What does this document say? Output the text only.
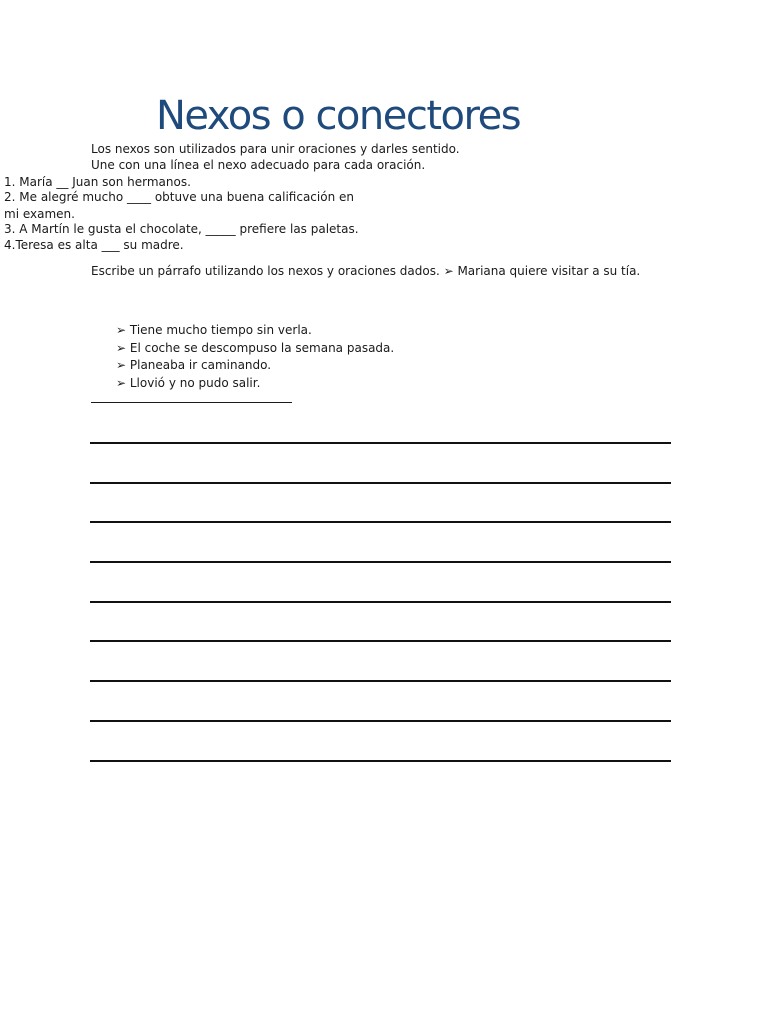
Nexos o conectores
Los nexos son utilizados para unir oraciones y darles sentido.
Une con una línea el nexo adecuado para cada oración.
1. María __ Juan son hermanos.
2. Me alegré mucho ____ obtuve una buena calificación en
mi examen.
3. A Martín le gusta el chocolate, _____ prefiere las paletas.
4.Teresa es alta ___ su madre.
Escribe un párrafo utilizando los nexos y oraciones dados. ➢ Mariana quiere visitar a su tía.
➢ Tiene mucho tiempo sin verla.
➢ El coche se descompuso la semana pasada.
➢ Planeaba ir caminando.
➢ Llovió y no pudo salir.
